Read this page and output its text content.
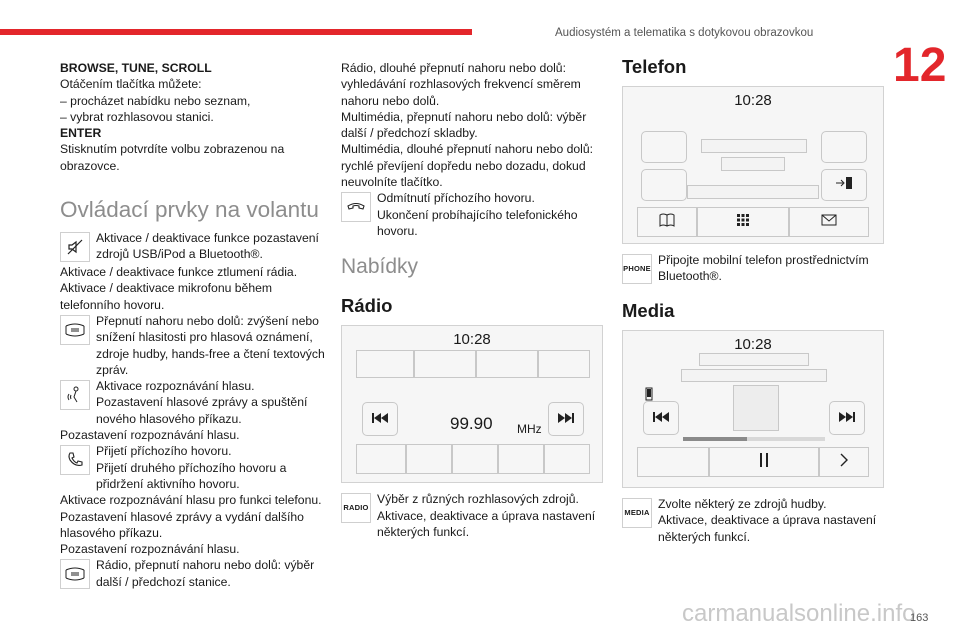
Audiosystém a telematika s dotykovou obrazovkou
12

BROWSE, TUNE, SCROLL

Otáčením tlačítka můžete:

– procházet nabídku nebo seznam,

– vybrat rozhlasovou stanici.

ENTER

Stisknutím potvrdíte volbu zobrazenou na obrazovce.

Ovládací prvky na volantu

Aktivace / deaktivace funkce pozastavení zdrojů USB/iPod a Bluetooth®.

Aktivace / deaktivace funkce ztlumení rádia.

Aktivace / deaktivace mikrofonu během telefonního hovoru.

Přepnutí nahoru nebo dolů: zvýšení nebo snížení hlasitosti pro hlasová oznámení, zdroje hudby, hands-free a čtení textových zpráv.

Aktivace rozpoznávání hlasu.

Pozastavení hlasové zprávy a spuštění nového hlasového příkazu.

Pozastavení rozpoznávání hlasu.

Přijetí příchozího hovoru.

Přijetí druhého příchozího hovoru a přidržení aktivního hovoru.

Aktivace rozpoznávání hlasu pro funkci telefonu.

Pozastavení hlasové zprávy a vydání dalšího hlasového příkazu.

Pozastavení rozpoznávání hlasu.

Rádio, přepnutí nahoru nebo dolů: výběr další / předchozí stanice.

Rádio, dlouhé přepnutí nahoru nebo dolů: vyhledávání rozhlasových frekvencí směrem nahoru nebo dolů.

Multimédia, přepnutí nahoru nebo dolů: výběr další / předchozí skladby.

Multimédia, dlouhé přepnutí nahoru nebo dolů: rychlé převíjení dopředu nebo dozadu, dokud neuvolníte tlačítko.

Odmítnutí příchozího hovoru.

Ukončení probíhajícího telefonického hovoru.

Nabídky
Rádio
10:28
99.90 MHz
RADIO

Výběr z různých rozhlasových zdrojů.

Aktivace, deaktivace a úprava nastavení některých funkcí.

Telefon
10:28
PHONE

Připojte mobilní telefon prostřednictvím Bluetooth®.

Media
10:28
MEDIA

Zvolte některý ze zdrojů hudby.

Aktivace, deaktivace a úprava nastavení některých funkcí.

carmanualsonline.info
163
